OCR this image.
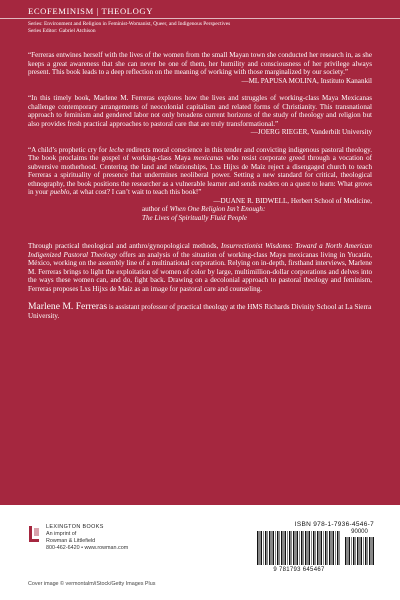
ECOFEMINISM | THEOLOGY
Series: Environment and Religion in Feminist-Womanist, Queer, and Indigenous Perspectives
Series Editor: Gabriel Atchison
“Ferreras entwines herself with the lives of the women from the small Mayan town she conducted her research in, as she keeps a great awareness that she can never be one of them, her humility and consciousness of her privilege always present. This book leads to a deep reflection on the meaning of working with those marginalized by our society.”
—ML PAPUSA MOLINA, Instituto Kanankil
“In this timely book, Marlene M. Ferreras explores how the lives and struggles of working-class Maya Mexicanas challenge contemporary arrangements of neocolonial capitalism and related forms of Christianity. This transnational approach to feminism and gendered labor not only broadens current horizons of the study of theology and religion but also provides fresh practical approaches to pastoral care that are truly transformational.”
—JOERG RIEGER, Vanderbilt University
“A child’s prophetic cry for leche redirects moral conscience in this tender and convicting indigenous pastoral theology. The book proclaims the gospel of working-class Maya mexicanas who resist corporate greed through a vocation of subversive motherhood. Centering the land and relationships, Lxs Hijxs de Maíz reject a disengaged church to teach Ferreras a spirituality of presence that undermines neoliberal power. Setting a new standard for critical, theological ethnography, the book positions the researcher as a vulnerable learner and sends readers on a quest to learn: What grows in your pueblo, at what cost? I can’t wait to teach this book!”
—DUANE R. BIDWELL, Herbert School of Medicine,
author of When One Religion Isn’t Enough:
The Lives of Spiritually Fluid People
Through practical theological and anthro/gynopological methods, Insurrectionist Wisdoms: Toward a North American Indigenized Pastoral Theology offers an analysis of the situation of working-class Maya mexicanas living in Yucatán, México, working on the assembly line of a multinational corporation. Relying on in-depth, firsthand interviews, Marlene M. Ferreras brings to light the exploitation of women of color by large, multimillion-dollar corporations and delves into the ways these women can, and do, fight back. Drawing on a decolonial approach to pastoral theology and feminism, Ferreras proposes Lxs Hijxs de Maíz as an image for pastoral care and counseling.
Marlene M. Ferreras is assistant professor of practical theology at the HMS Richards Divinity School at La Sierra University.
LEXINGTON BOOKS
An imprint of
Rowman & Littlefield
800-462-6420 • www.rowman.com
Cover image © vermontalm/iStock/Getty Images Plus
ISBN 978-1-7936-4546-7
90000
9 781793 645467
